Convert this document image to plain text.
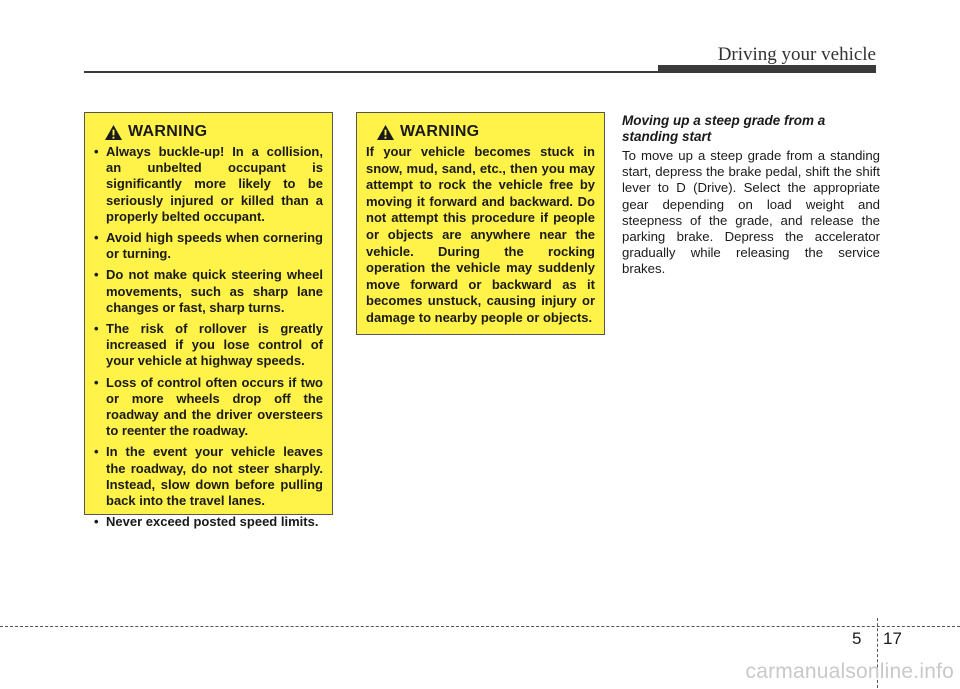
Driving your vehicle
WARNING
• Always buckle-up! In a collision, an unbelted occupant is significantly more likely to be seriously injured or killed than a properly belted occupant.
• Avoid high speeds when cornering or turning.
• Do not make quick steering wheel movements, such as sharp lane changes or fast, sharp turns.
• The risk of rollover is greatly increased if you lose control of your vehicle at highway speeds.
• Loss of control often occurs if two or more wheels drop off the roadway and the driver oversteers to reenter the roadway.
• In the event your vehicle leaves the roadway, do not steer sharply. Instead, slow down before pulling back into the travel lanes.
• Never exceed posted speed limits.
WARNING

If your vehicle becomes stuck in snow, mud, sand, etc., then you may attempt to rock the vehicle free by moving it forward and backward. Do not attempt this procedure if people or objects are anywhere near the vehicle. During the rocking operation the vehicle may suddenly move forward or backward as it becomes unstuck, causing injury or damage to nearby people or objects.

Moving up a steep grade from a standing start

To move up a steep grade from a standing start, depress the brake pedal, shift the shift lever to D (Drive). Select the appropriate gear depending on load weight and steepness of the grade, and release the parking brake. Depress the accelerator gradually while releasing the service brakes.

5 17
carmanualsonline.info
